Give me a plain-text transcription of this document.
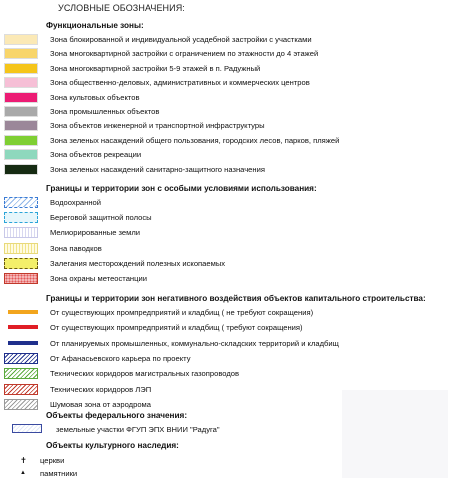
УСЛОВНЫЕ ОБОЗНАЧЕНИЯ:
Функциональные зоны:
Зона блокированной и индивидуальной усадебной застройки с участками
Зона многоквартирной застройки с ограничением по этажности до 4 этажей
Зона многоквартирной застройки 5-9 этажей в п. Радужный
Зона общественно-деловых, административных и коммерческих центров
Зона культовых объектов
Зона промышленных объектов
Зона объектов инженерной и транспортной инфраструктуры
Зона зеленых насаждений общего пользования, городских лесов, парков, пляжей
Зона объектов рекреации
Зона зеленых насаждений санитарно-защитного назначения
Границы и территории зон с особыми условиями использования:
Водоохранной
Береговой защитной полосы
Мелиорированные земли
Зона паводков
Залегания месторождений полезных ископаемых
Зона охраны метеостанции
Границы и территории зон негативного воздействия объектов капитального строительства:
От существующих промпредприятий и кладбищ ( не требуют сокращения)
От существующих промпредприятий и кладбищ ( требуют сокращения)
От планируемых промышленных, коммунально-складских территорий и кладбищ
От Афанасьевского карьера по проекту
Технических коридоров магистральных газопроводов
Технических коридоров ЛЭП
Шумовая зона от аэродрома
Объекты федерального значения:
земельные участки ФГУП ЭПХ ВНИИ "Радуга"
Объекты культурного наследия:
✝ церкви
▲ памятники
